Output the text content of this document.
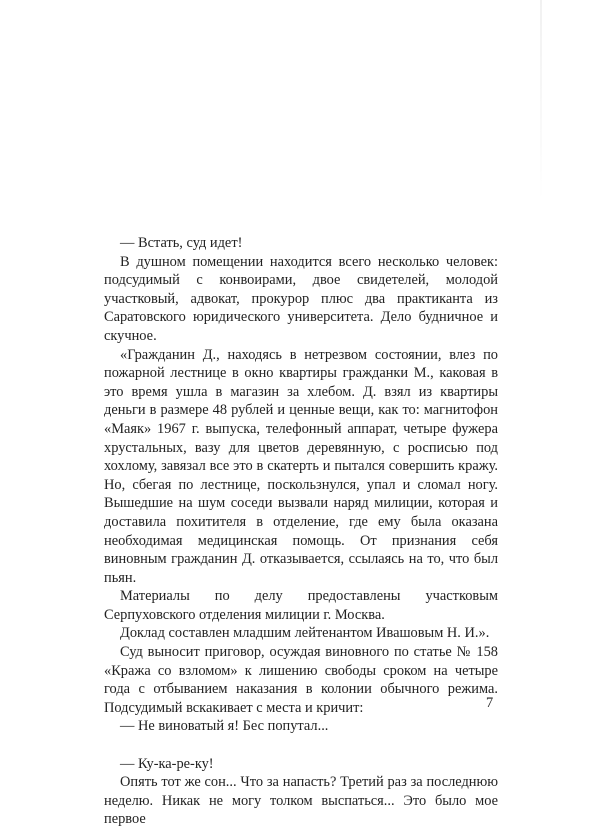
— Встать, суд идет!

В душном помещении находится всего несколько человек: подсудимый с конвоирами, двое свидетелей, молодой участковый, адвокат, прокурор плюс два практиканта из Саратовского юридического университета. Дело будничное и скучное.

«Гражданин Д., находясь в нетрезвом состоянии, влез по пожарной лестнице в окно квартиры гражданки М., каковая в это время ушла в магазин за хлебом. Д. взял из квартиры деньги в размере 48 рублей и ценные вещи, как то: магнитофон «Маяк» 1967 г. выпуска, телефонный аппарат, четыре фужера хрустальных, вазу для цветов деревянную, с росписью под хохлому, завязал все это в скатерть и пытался совершить кражу. Но, сбегая по лестнице, поскользнулся, упал и сломал ногу. Вышедшие на шум соседи вызвали наряд милиции, которая и доставила похитителя в отделение, где ему была оказана необходимая медицинская помощь. От признания себя виновным гражданин Д. отказывается, ссылаясь на то, что был пьян.

Материалы по делу предоставлены участковым Серпуховского отделения милиции г. Москва.

Доклад составлен младшим лейтенантом Ивашовым Н. И.».

Суд выносит приговор, осуждая виновного по статье № 158 «Кража со взломом» к лишению свободы сроком на четыре года с отбыванием наказания в колонии обычного режима. Подсудимый вскакивает с места и кричит:

— Не виноватый я! Бес попутал...

— Ку-ка-ре-ку!

Опять тот же сон... Что за напасть? Третий раз за последнюю неделю. Никак не могу толком выспаться... Это было мое первое

7
